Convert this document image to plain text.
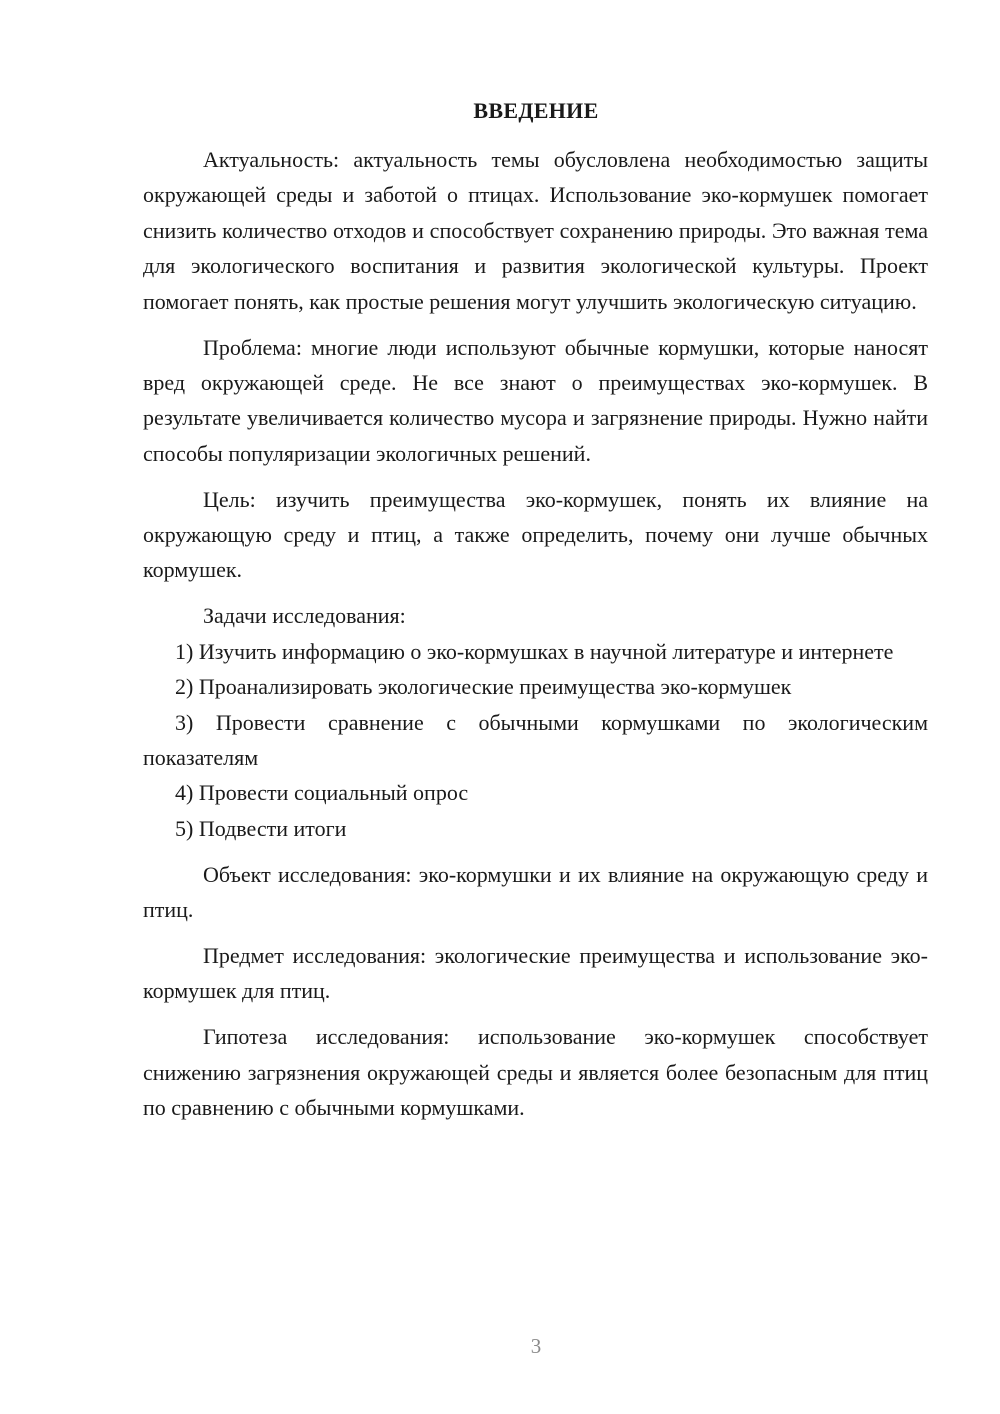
ВВЕДЕНИЕ

Актуальность: актуальность темы обусловлена необходимостью защиты окружающей среды и заботой о птицах. Использование эко-кормушек помогает снизить количество отходов и способствует сохранению природы. Это важная тема для экологического воспитания и развития экологической культуры. Проект помогает понять, как простые решения могут улучшить экологическую ситуацию.

Проблема: многие люди используют обычные кормушки, которые наносят вред окружающей среде. Не все знают о преимуществах эко-кормушек. В результате увеличивается количество мусора и загрязнение природы. Нужно найти способы популяризации экологичных решений.

Цель: изучить преимущества эко-кормушек, понять их влияние на окружающую среду и птиц, а также определить, почему они лучше обычных кормушек.

Задачи исследования:

1) Изучить информацию о эко-кормушках в научной литературе и интернете

2) Проанализировать экологические преимущества эко-кормушек

3) Провести сравнение с обычными кормушками по экологическим показателям

4) Провести социальный опрос

5) Подвести итоги

Объект исследования: эко-кормушки и их влияние на окружающую среду и птиц.

Предмет исследования: экологические преимущества и использование эко-кормушек для птиц.

Гипотеза исследования: использование эко-кормушек способствует снижению загрязнения окружающей среды и является более безопасным для птиц по сравнению с обычными кормушками.

3
